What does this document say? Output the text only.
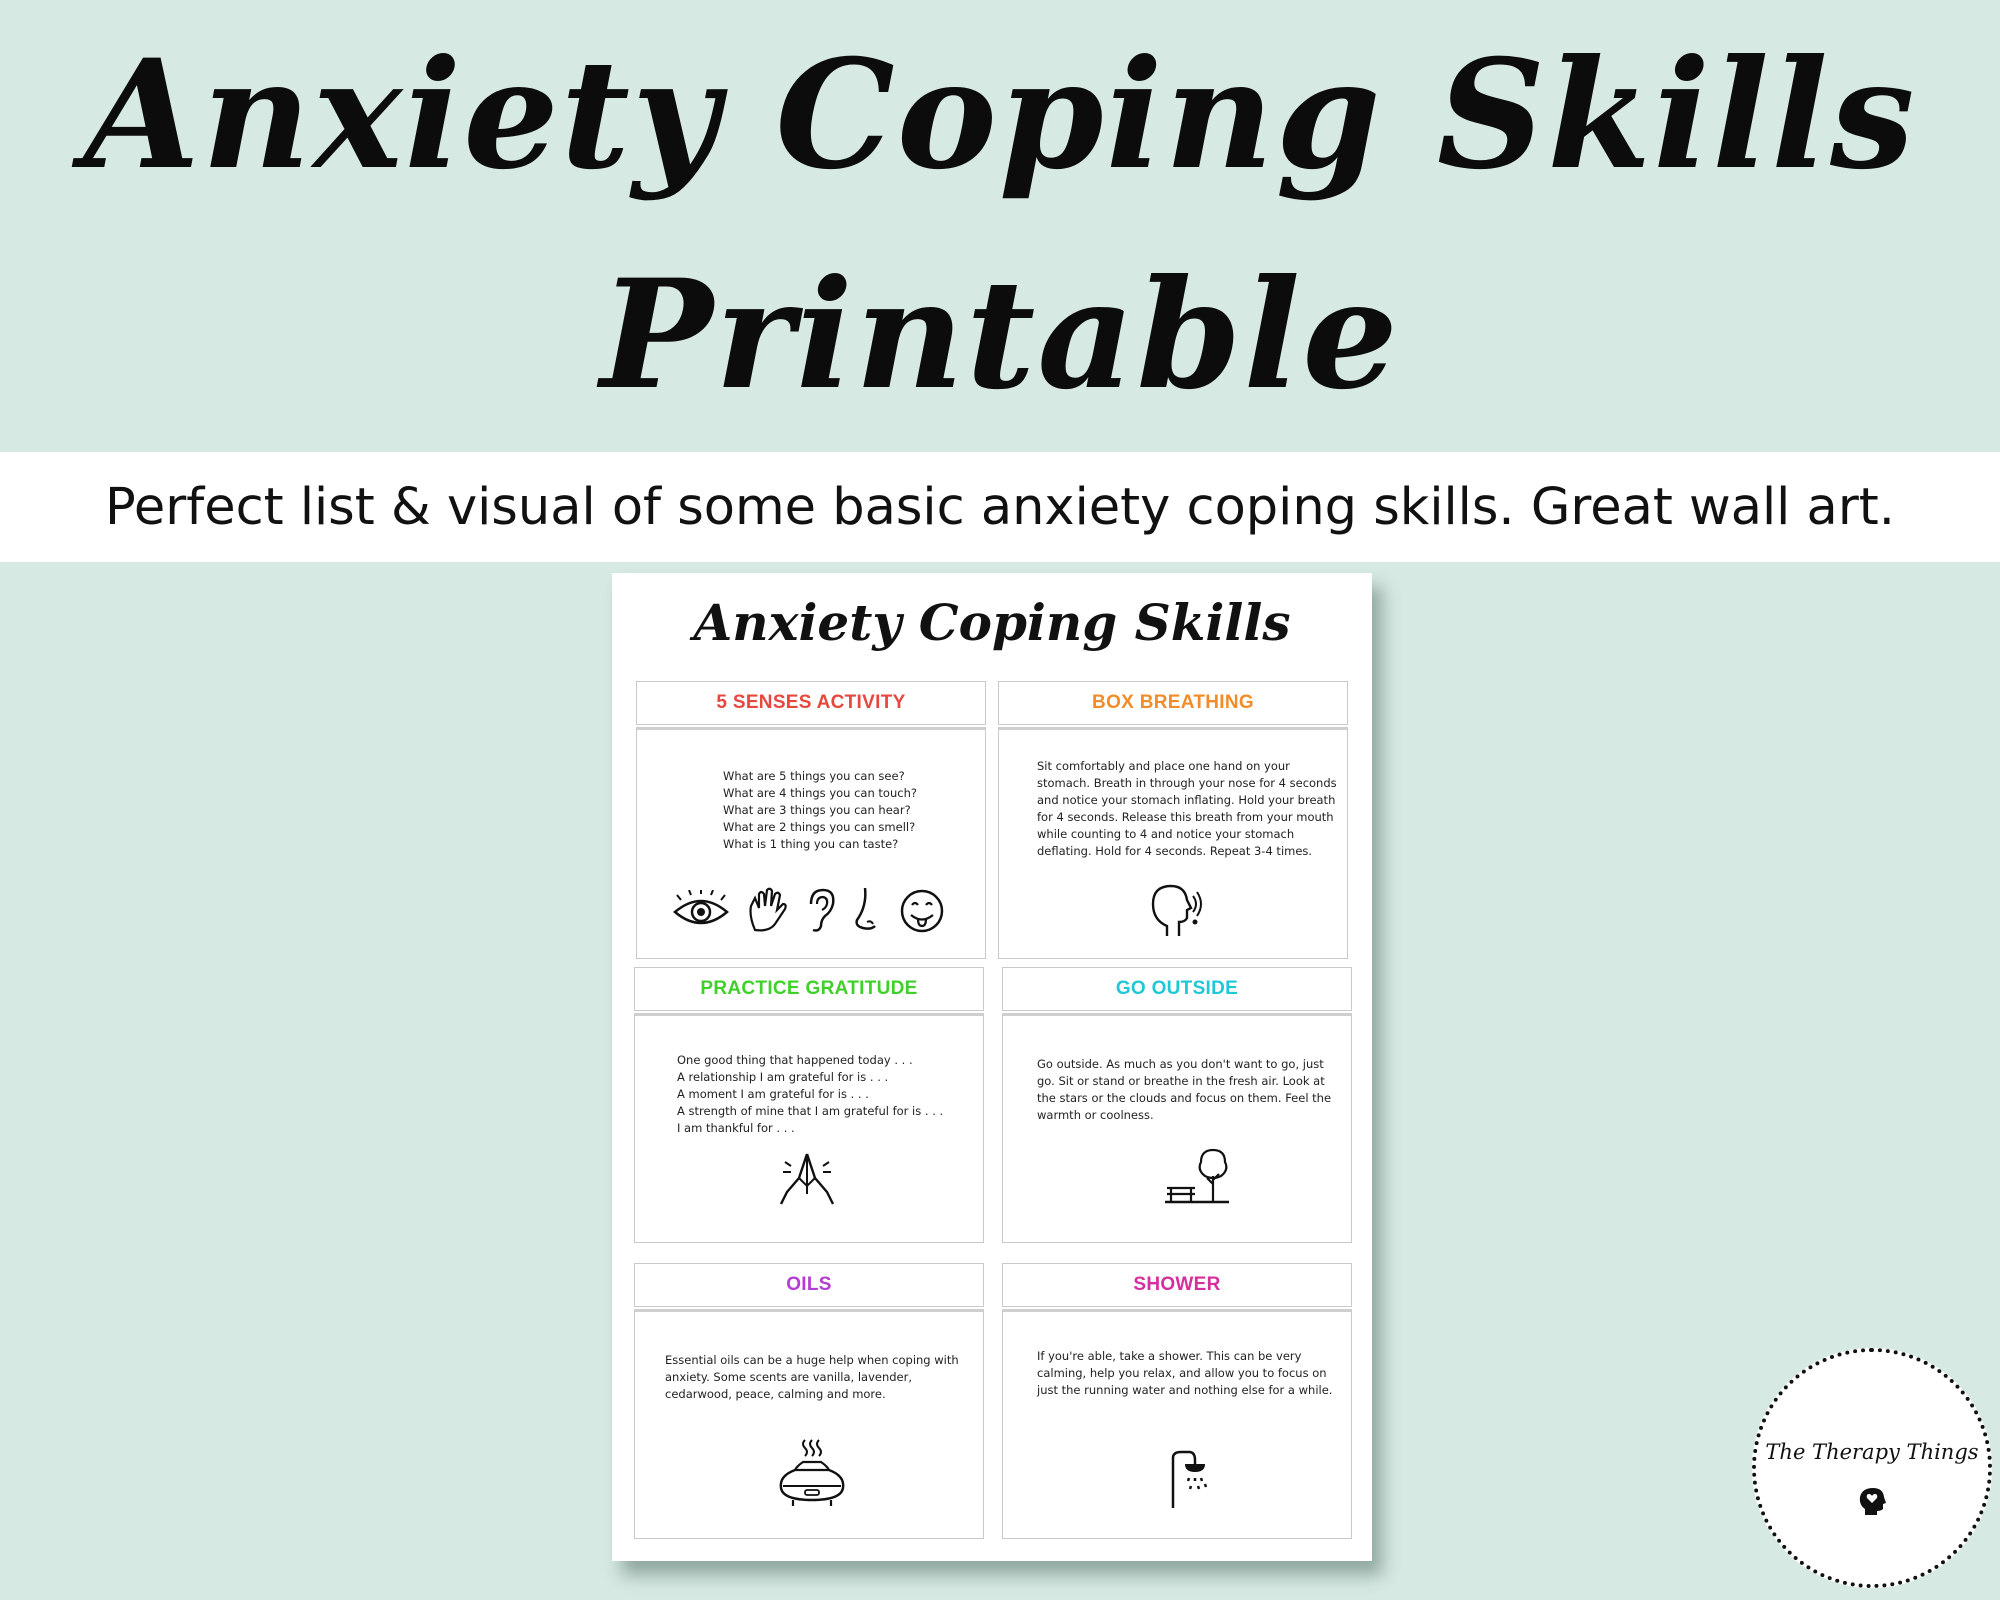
Anxiety Coping Skills
Printable
Perfect list & visual of some basic anxiety coping skills. Great wall art.
Anxiety Coping Skills
5 SENSES ACTIVITY
What are 5 things you can see?
What are 4 things you can touch?
What are 3 things you can hear?
What are 2 things you can smell?
What is 1 thing you can taste?
BOX BREATHING
Sit comfortably and place one hand on your
stomach. Breath in through your nose for 4 seconds
and notice your stomach inflating. Hold your breath
for 4 seconds. Release this breath from your mouth
while counting to 4 and notice your stomach
deflating. Hold for 4 seconds. Repeat 3-4 times.
PRACTICE GRATITUDE
One good thing that happened today . . .
A relationship I am grateful for is . . .
A moment I am grateful for is . . .
A strength of mine that I am grateful for is . . .
I am thankful for . . .
GO OUTSIDE
Go outside. As much as you don't want to go, just
go. Sit or stand or breathe in the fresh air. Look at
the stars or the clouds and focus on them. Feel the
warmth or coolness.
OILS
Essential oils can be a huge help when coping with
anxiety. Some scents are vanilla, lavender,
cedarwood, peace, calming and more.
SHOWER
If you're able, take a shower. This can be very
calming, help you relax, and allow you to focus on
just the running water and nothing else for a while.
The Therapy Things
